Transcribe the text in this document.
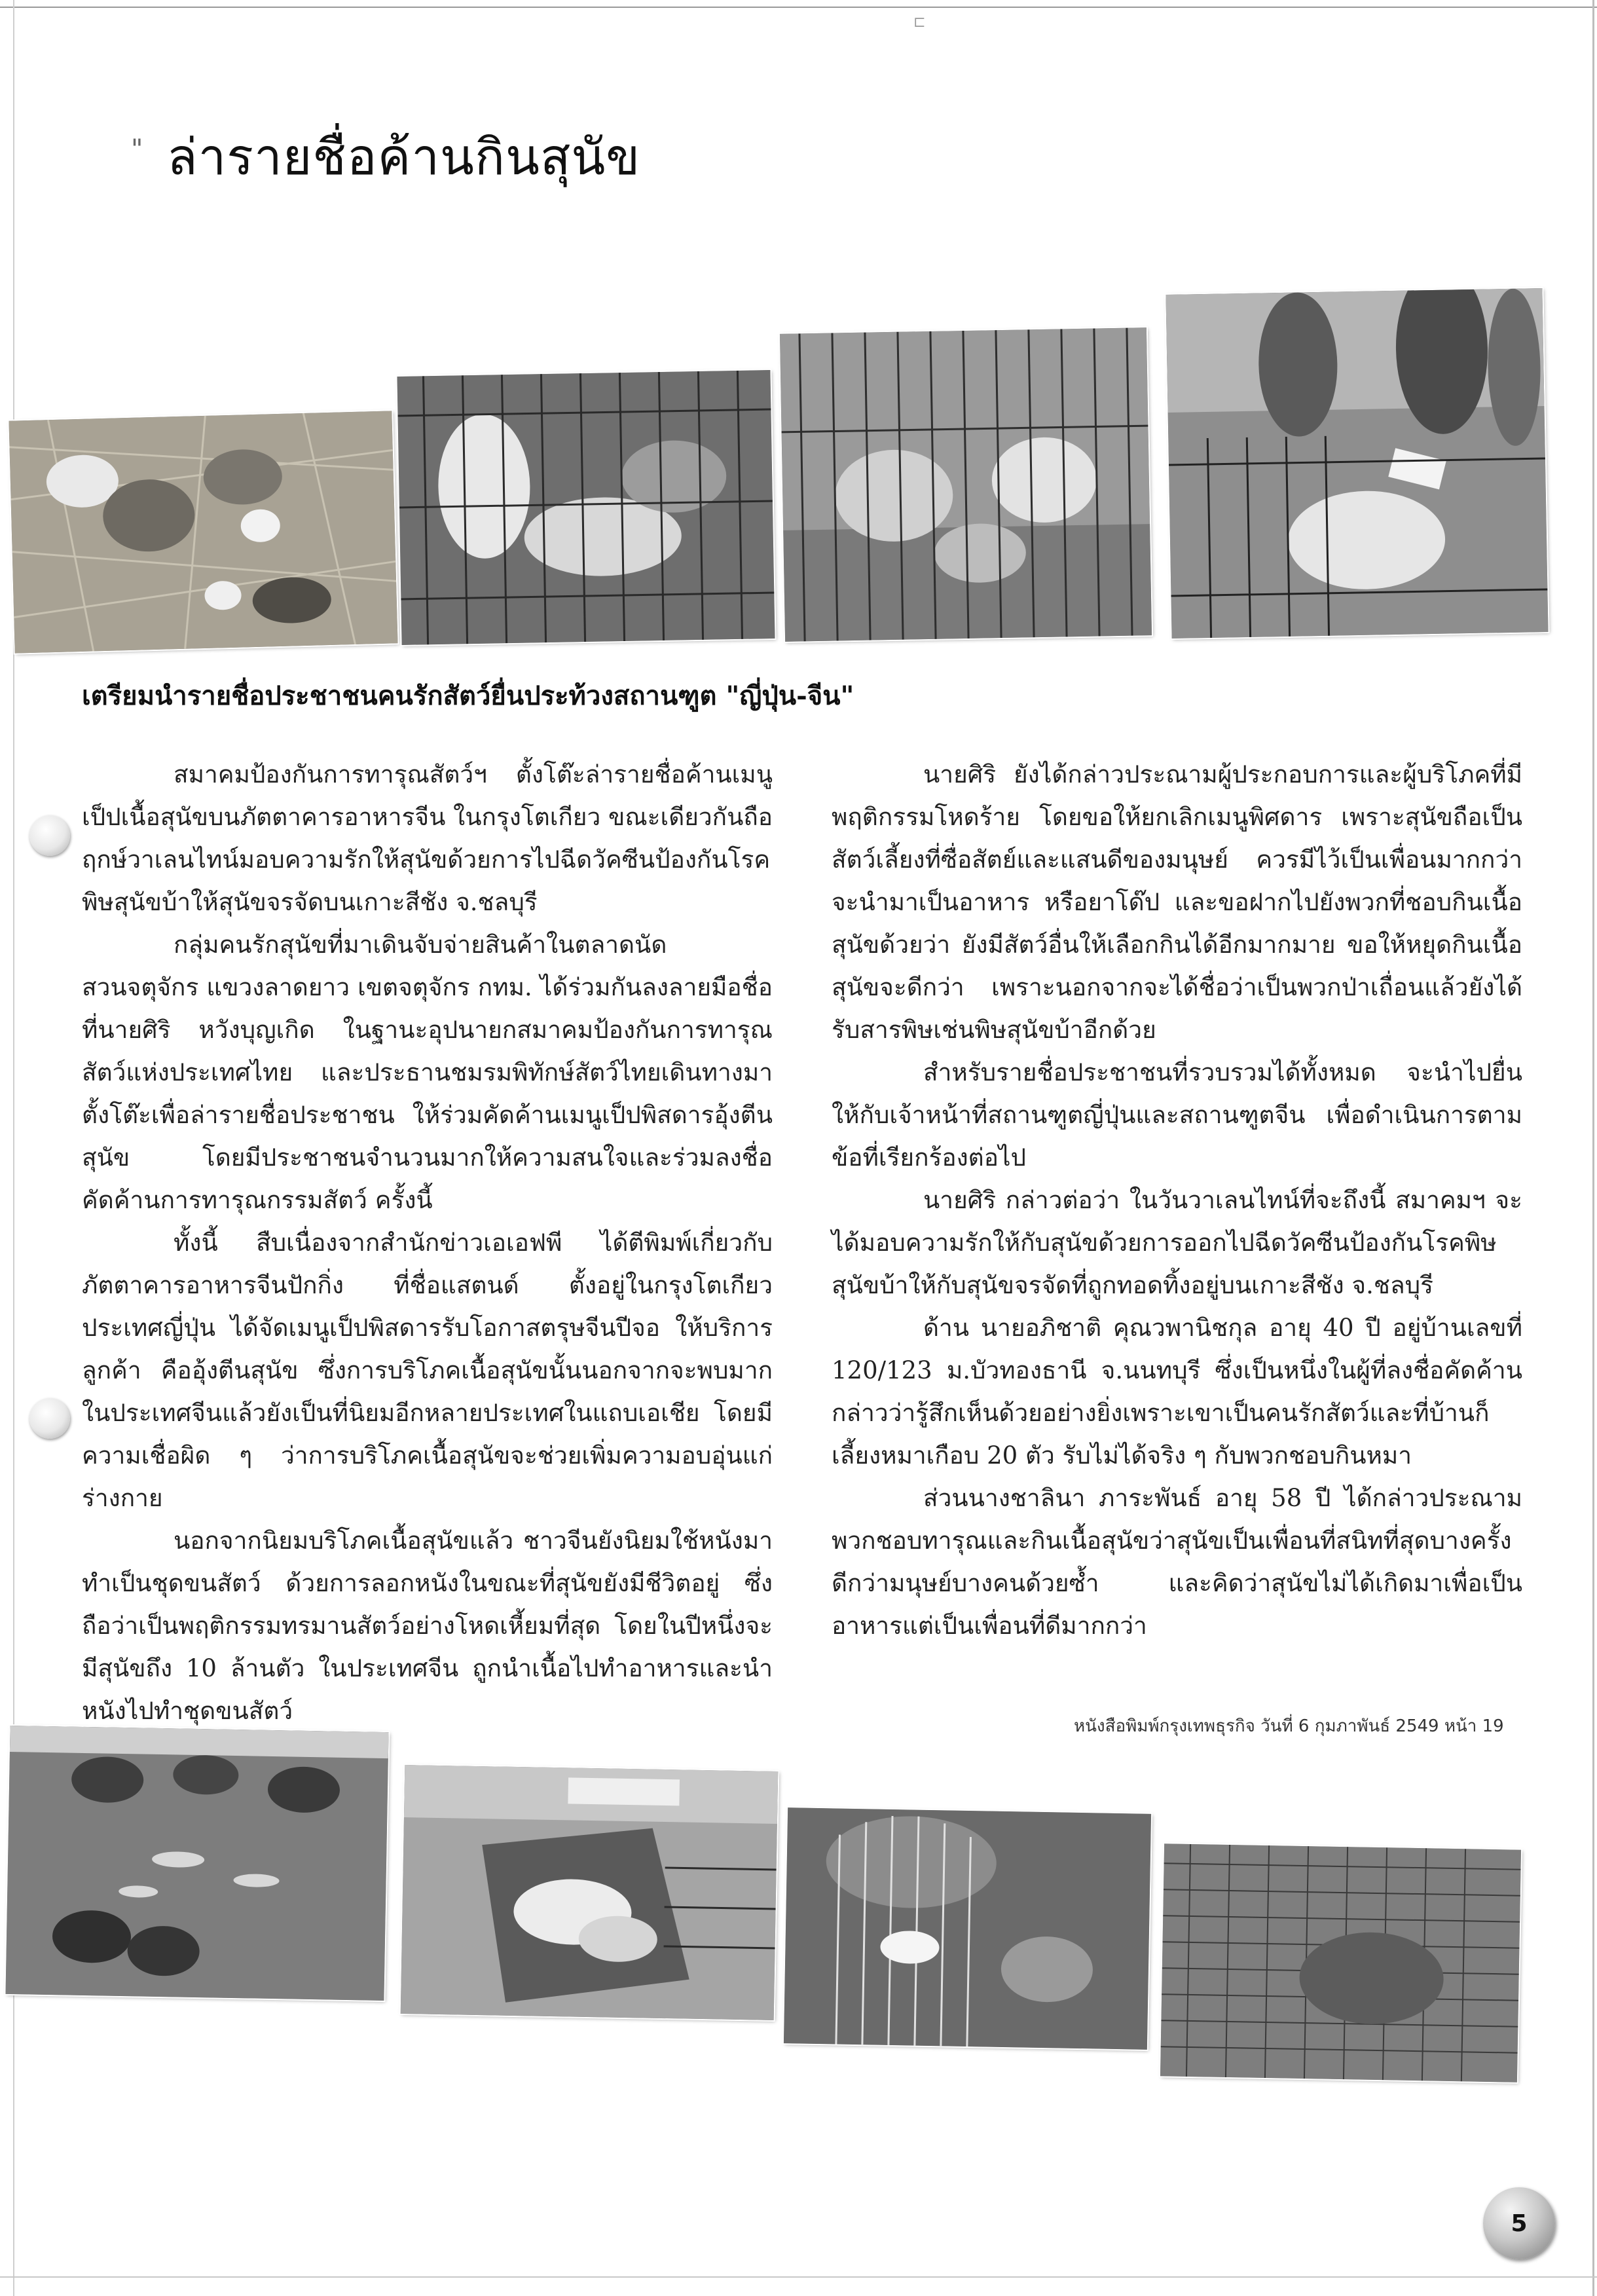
⊏
" ล่ารายชื่อค้านกินสุนัข
เตรียมนำรายชื่อประชาชนคนรักสัตว์ยื่นประท้วงสถานฑูต "ญี่ปุ่น-จีน"

สมาคมป้องกันการทารุณสัตว์ฯ ตั้งโต๊ะล่ารายชื่อค้านเมนูเป็ปเนื้อสุนัขบนภัตตาคารอาหารจีน ในกรุงโตเกียว ขณะเดียวกันถือฤกษ์วาเลนไทน์มอบความรักให้สุนัขด้วยการไปฉีดวัคซีนป้องกันโรคพิษสุนัขบ้าให้สุนัขจรจัดบนเกาะสีชัง จ.ชลบุรี

กลุ่มคนรักสุนัขที่มาเดินจับจ่ายสินค้าในตลาดนัดสวนจตุจักร แขวงลาดยาว เขตจตุจักร กทม. ได้ร่วมกันลงลายมือชื่อที่นายศิริ หวังบุญเกิด ในฐานะอุปนายกสมาคมป้องกันการทารุณสัตว์แห่งประเทศไทย และประธานชมรมพิทักษ์สัตว์ไทยเดินทางมาตั้งโต๊ะเพื่อล่ารายชื่อประชาชน ให้ร่วมคัดค้านเมนูเป็ปพิสดารอุ้งตีนสุนัข โดยมีประชาชนจำนวนมากให้ความสนใจและร่วมลงชื่อคัดค้านการทารุณกรรมสัตว์ ครั้งนี้

ทั้งนี้ สืบเนื่องจากสำนักข่าวเอเอฟพี ได้ตีพิมพ์เกี่ยวกับภัตตาคารอาหารจีนปักกิ่ง ที่ชื่อแสตนด์ ตั้งอยู่ในกรุงโตเกียว ประเทศญี่ปุ่น ได้จัดเมนูเป็ปพิสดารรับโอกาสตรุษจีนปีจอ ให้บริการลูกค้า คืออุ้งตีนสุนัข ซึ่งการบริโภคเนื้อสุนัขนั้นนอกจากจะพบมากในประเทศจีนแล้วยังเป็นที่นิยมอีกหลายประเทศในแถบเอเชีย โดยมีความเชื่อผิด ๆ ว่าการบริโภคเนื้อสุนัขจะช่วยเพิ่มความอบอุ่นแก่ร่างกาย

นอกจากนิยมบริโภคเนื้อสุนัขแล้ว ชาวจีนยังนิยมใช้หนังมาทำเป็นชุดขนสัตว์ ด้วยการลอกหนังในขณะที่สุนัขยังมีชีวิตอยู่ ซึ่งถือว่าเป็นพฤติกรรมทรมานสัตว์อย่างโหดเหี้ยมที่สุด โดยในปีหนึ่งจะมีสุนัขถึง 10 ล้านตัว ในประเทศจีน ถูกนำเนื้อไปทำอาหารและนำหนังไปทำชุดขนสัตว์

นายศิริ ยังได้กล่าวประณามผู้ประกอบการและผู้บริโภคที่มีพฤติกรรมโหดร้าย โดยขอให้ยกเลิกเมนูพิศดาร เพราะสุนัขถือเป็นสัตว์เลี้ยงที่ซื่อสัตย์และแสนดีของมนุษย์ ควรมีไว้เป็นเพื่อนมากกว่าจะนำมาเป็นอาหาร หรือยาโด๊ป และขอฝากไปยังพวกที่ชอบกินเนื้อสุนัขด้วยว่า ยังมีสัตว์อื่นให้เลือกกินได้อีกมากมาย ขอให้หยุดกินเนื้อสุนัขจะดีกว่า เพราะนอกจากจะได้ชื่อว่าเป็นพวกป่าเถื่อนแล้วยังได้รับสารพิษเช่นพิษสุนัขบ้าอีกด้วย

สำหรับรายชื่อประชาชนที่รวบรวมได้ทั้งหมด จะนำไปยื่นให้กับเจ้าหน้าที่สถานฑูตญี่ปุ่นและสถานฑูตจีน เพื่อดำเนินการตามข้อที่เรียกร้องต่อไป

นายศิริ กล่าวต่อว่า ในวันวาเลนไทน์ที่จะถึงนี้ สมาคมฯ จะได้มอบความรักให้กับสุนัขด้วยการออกไปฉีดวัคซีนป้องกันโรคพิษสุนัขบ้าให้กับสุนัขจรจัดที่ถูกทอดทิ้งอยู่บนเกาะสีชัง จ.ชลบุรี

ด้าน นายอภิชาติ คุณวพานิชกุล อายุ 40 ปี อยู่บ้านเลขที่ 120/123 ม.บัวทองธานี จ.นนทบุรี ซึ่งเป็นหนึ่งในผู้ที่ลงชื่อคัดค้าน กล่าวว่ารู้สึกเห็นด้วยอย่างยิ่งเพราะเขาเป็นคนรักสัตว์และที่บ้านก็เลี้ยงหมาเกือบ 20 ตัว รับไม่ได้จริง ๆ กับพวกชอบกินหมา

ส่วนนางชาลินา ภาระพันธ์ อายุ 58 ปี ได้กล่าวประณามพวกชอบทารุณและกินเนื้อสุนัขว่าสุนัขเป็นเพื่อนที่สนิทที่สุดบางครั้งดีกว่ามนุษย์บางคนด้วยซ้ำ และคิดว่าสุนัขไม่ได้เกิดมาเพื่อเป็นอาหารแต่เป็นเพื่อนที่ดีมากกว่า

หนังสือพิมพ์กรุงเทพธุรกิจ วันที่ 6 กุมภาพันธ์ 2549 หน้า 19
5
